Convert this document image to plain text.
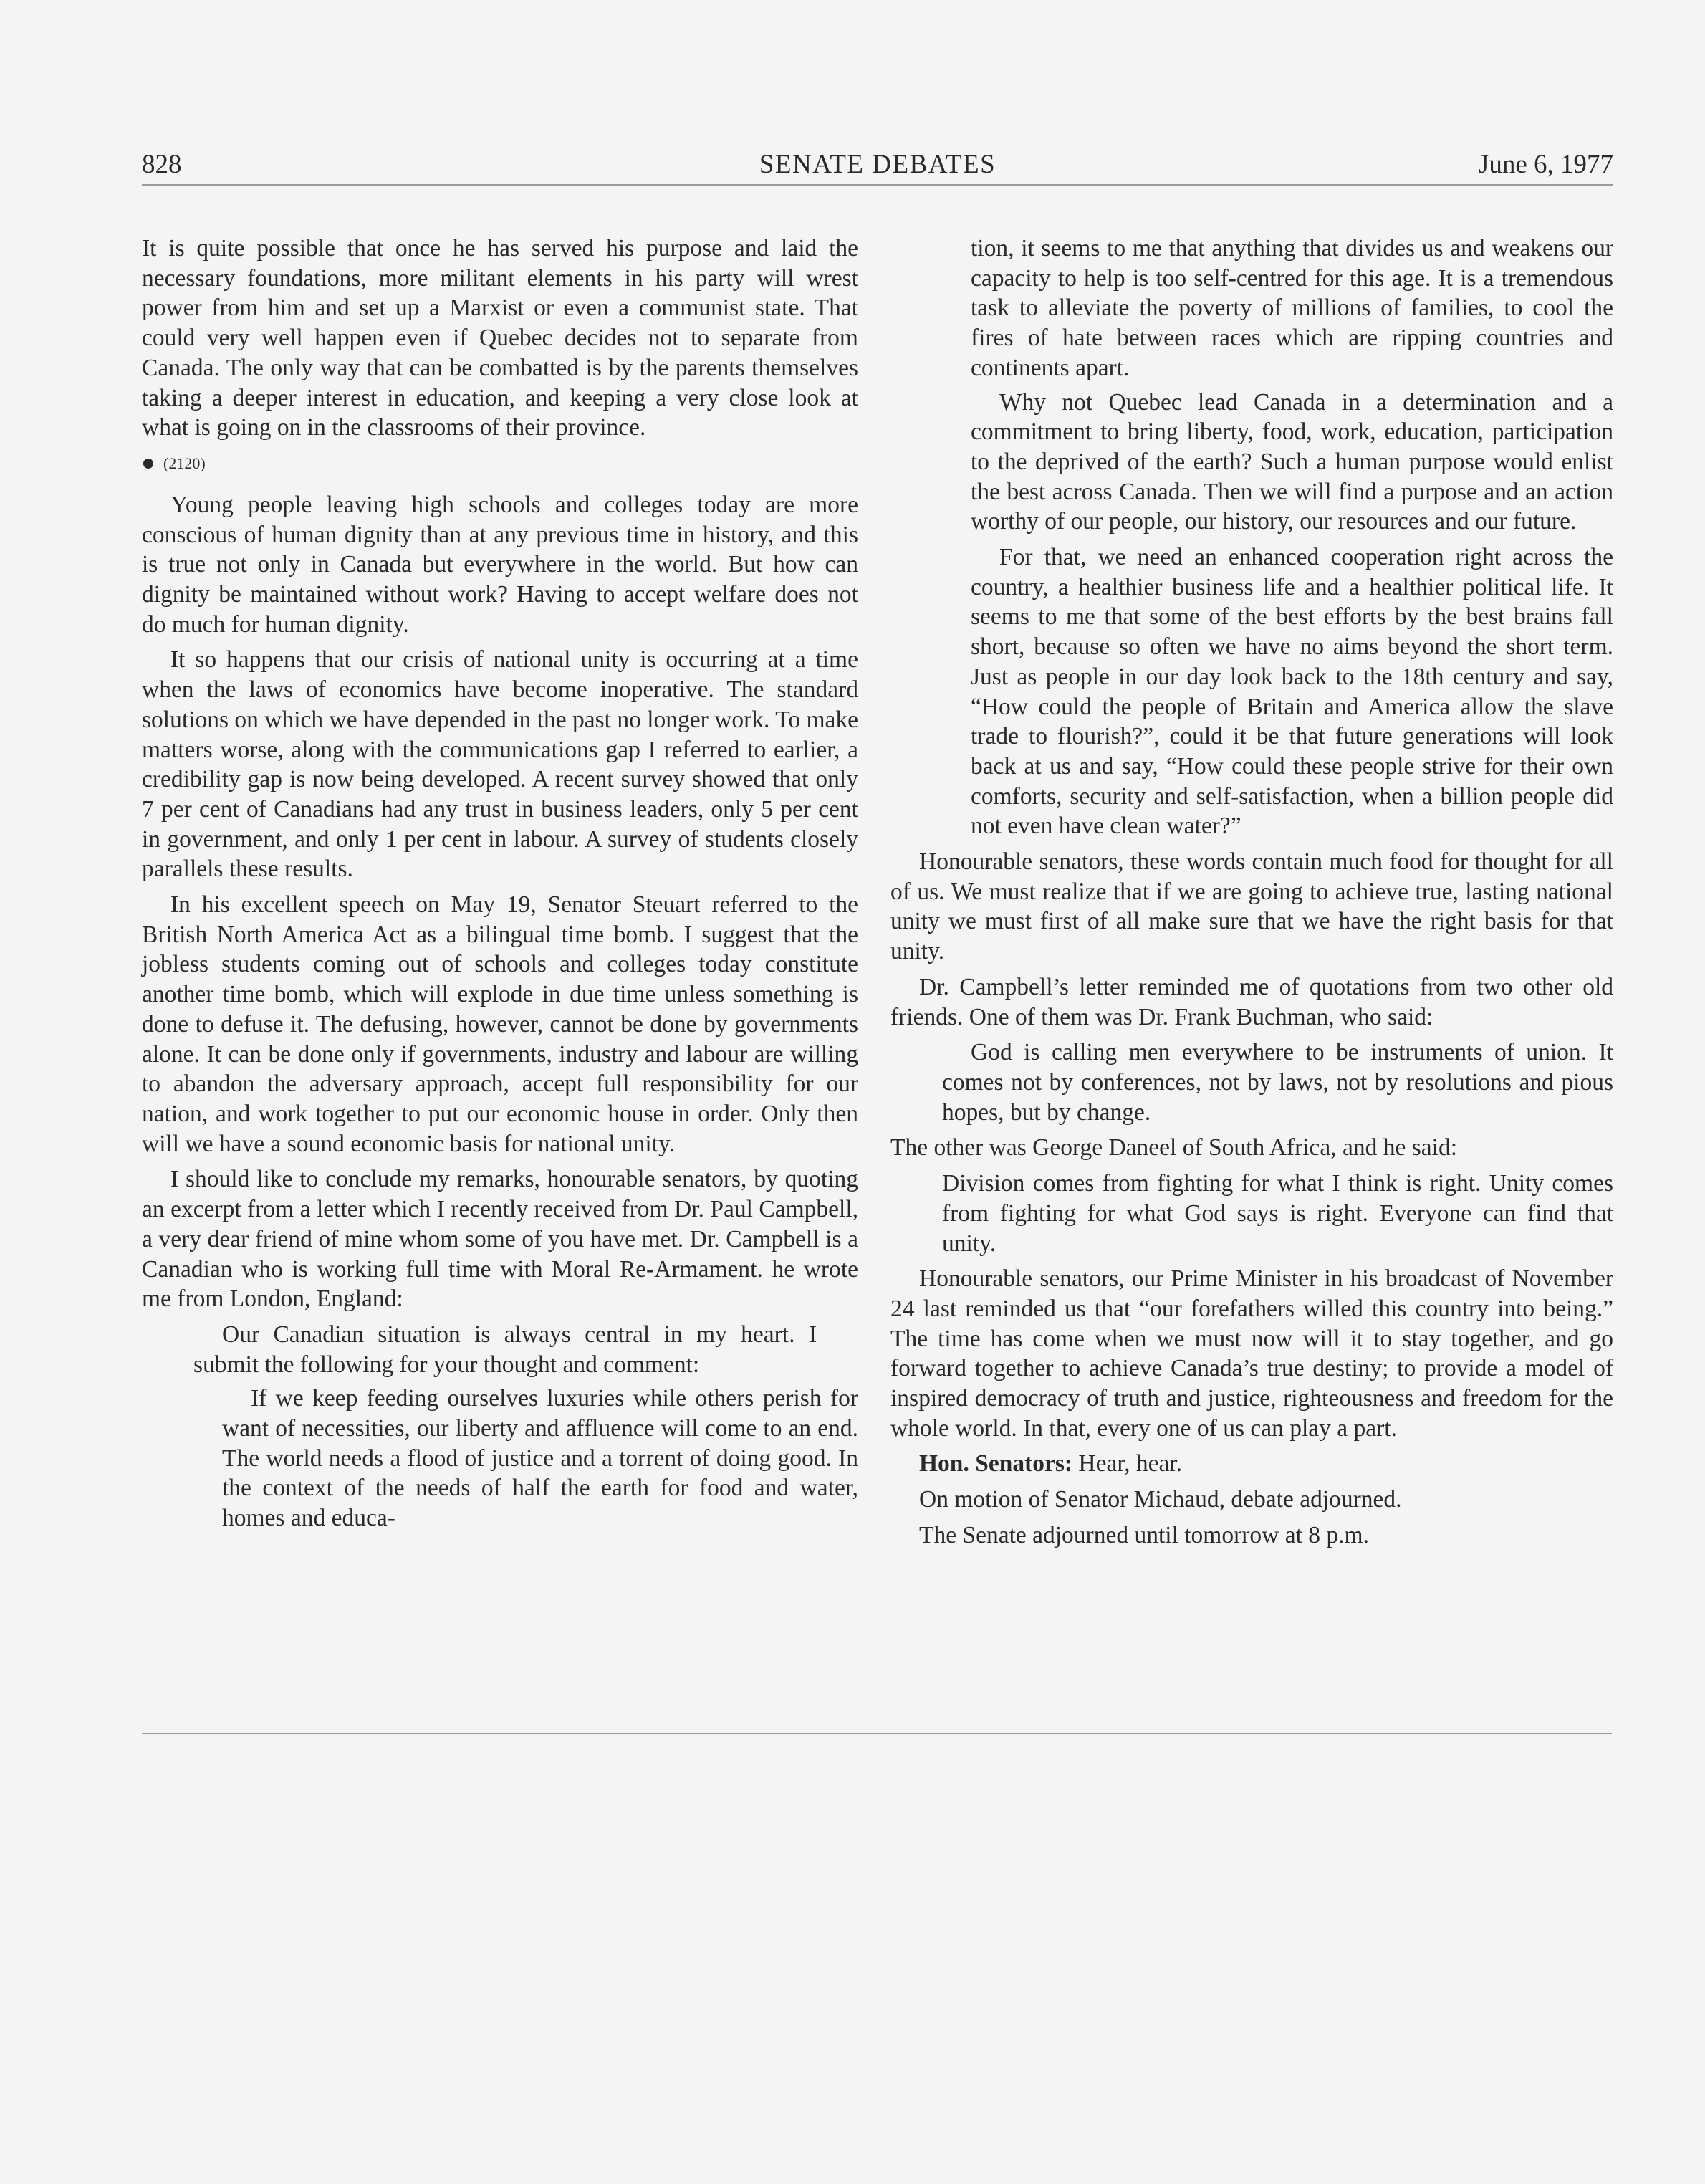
828	SENATE DEBATES	June 6, 1977

It is quite possible that once he has served his purpose and laid the necessary foundations, more militant elements in his party will wrest power from him and set up a Marxist or even a communist state. That could very well happen even if Quebec decides not to separate from Canada. The only way that can be combatted is by the parents themselves taking a deeper interest in education, and keeping a very close look at what is going on in the classrooms of their province.

(2120)

Young people leaving high schools and colleges today are more conscious of human dignity than at any previous time in history, and this is true not only in Canada but everywhere in the world. But how can dignity be maintained without work? Having to accept welfare does not do much for human dignity.

It so happens that our crisis of national unity is occurring at a time when the laws of economics have become inoperative. The standard solutions on which we have depended in the past no longer work. To make matters worse, along with the communications gap I referred to earlier, a credibility gap is now being developed. A recent survey showed that only 7 per cent of Canadians had any trust in business leaders, only 5 per cent in government, and only 1 per cent in labour. A survey of students closely parallels these results.

In his excellent speech on May 19, Senator Steuart referred to the British North America Act as a bilingual time bomb. I suggest that the jobless students coming out of schools and colleges today constitute another time bomb, which will explode in due time unless something is done to defuse it. The defusing, however, cannot be done by governments alone. It can be done only if governments, industry and labour are willing to abandon the adversary approach, accept full responsibility for our nation, and work together to put our economic house in order. Only then will we have a sound economic basis for national unity.

I should like to conclude my remarks, honourable senators, by quoting an excerpt from a letter which I recently received from Dr. Paul Campbell, a very dear friend of mine whom some of you have met. Dr. Campbell is a Canadian who is working full time with Moral Re-Armament. he wrote me from London, England:

Our Canadian situation is always central in my heart. I submit the following for your thought and comment:

If we keep feeding ourselves luxuries while others perish for want of necessities, our liberty and affluence will come to an end. The world needs a flood of justice and a torrent of doing good. In the context of the needs of half the earth for food and water, homes and educa-

tion, it seems to me that anything that divides us and weakens our capacity to help is too self-centred for this age. It is a tremendous task to alleviate the poverty of millions of families, to cool the fires of hate between races which are ripping countries and continents apart.

Why not Quebec lead Canada in a determination and a commitment to bring liberty, food, work, education, participation to the deprived of the earth? Such a human purpose would enlist the best across Canada. Then we will find a purpose and an action worthy of our people, our history, our resources and our future.

For that, we need an enhanced cooperation right across the country, a healthier business life and a healthier political life. It seems to me that some of the best efforts by the best brains fall short, because so often we have no aims beyond the short term. Just as people in our day look back to the 18th century and say, “How could the people of Britain and America allow the slave trade to flourish?”, could it be that future generations will look back at us and say, “How could these people strive for their own comforts, security and self-satisfaction, when a billion people did not even have clean water?”

Honourable senators, these words contain much food for thought for all of us. We must realize that if we are going to achieve true, lasting national unity we must first of all make sure that we have the right basis for that unity.

Dr. Campbell’s letter reminded me of quotations from two other old friends. One of them was Dr. Frank Buchman, who said:

God is calling men everywhere to be instruments of union. It comes not by conferences, not by laws, not by resolutions and pious hopes, but by change.

The other was George Daneel of South Africa, and he said:

Division comes from fighting for what I think is right. Unity comes from fighting for what God says is right. Everyone can find that unity.

Honourable senators, our Prime Minister in his broadcast of November 24 last reminded us that “our forefathers willed this country into being.” The time has come when we must now will it to stay together, and go forward together to achieve Canada’s true destiny; to provide a model of inspired democracy of truth and justice, righteousness and freedom for the whole world. In that, every one of us can play a part.

Hon. Senators: Hear, hear.

On motion of Senator Michaud, debate adjourned.

The Senate adjourned until tomorrow at 8 p.m.
